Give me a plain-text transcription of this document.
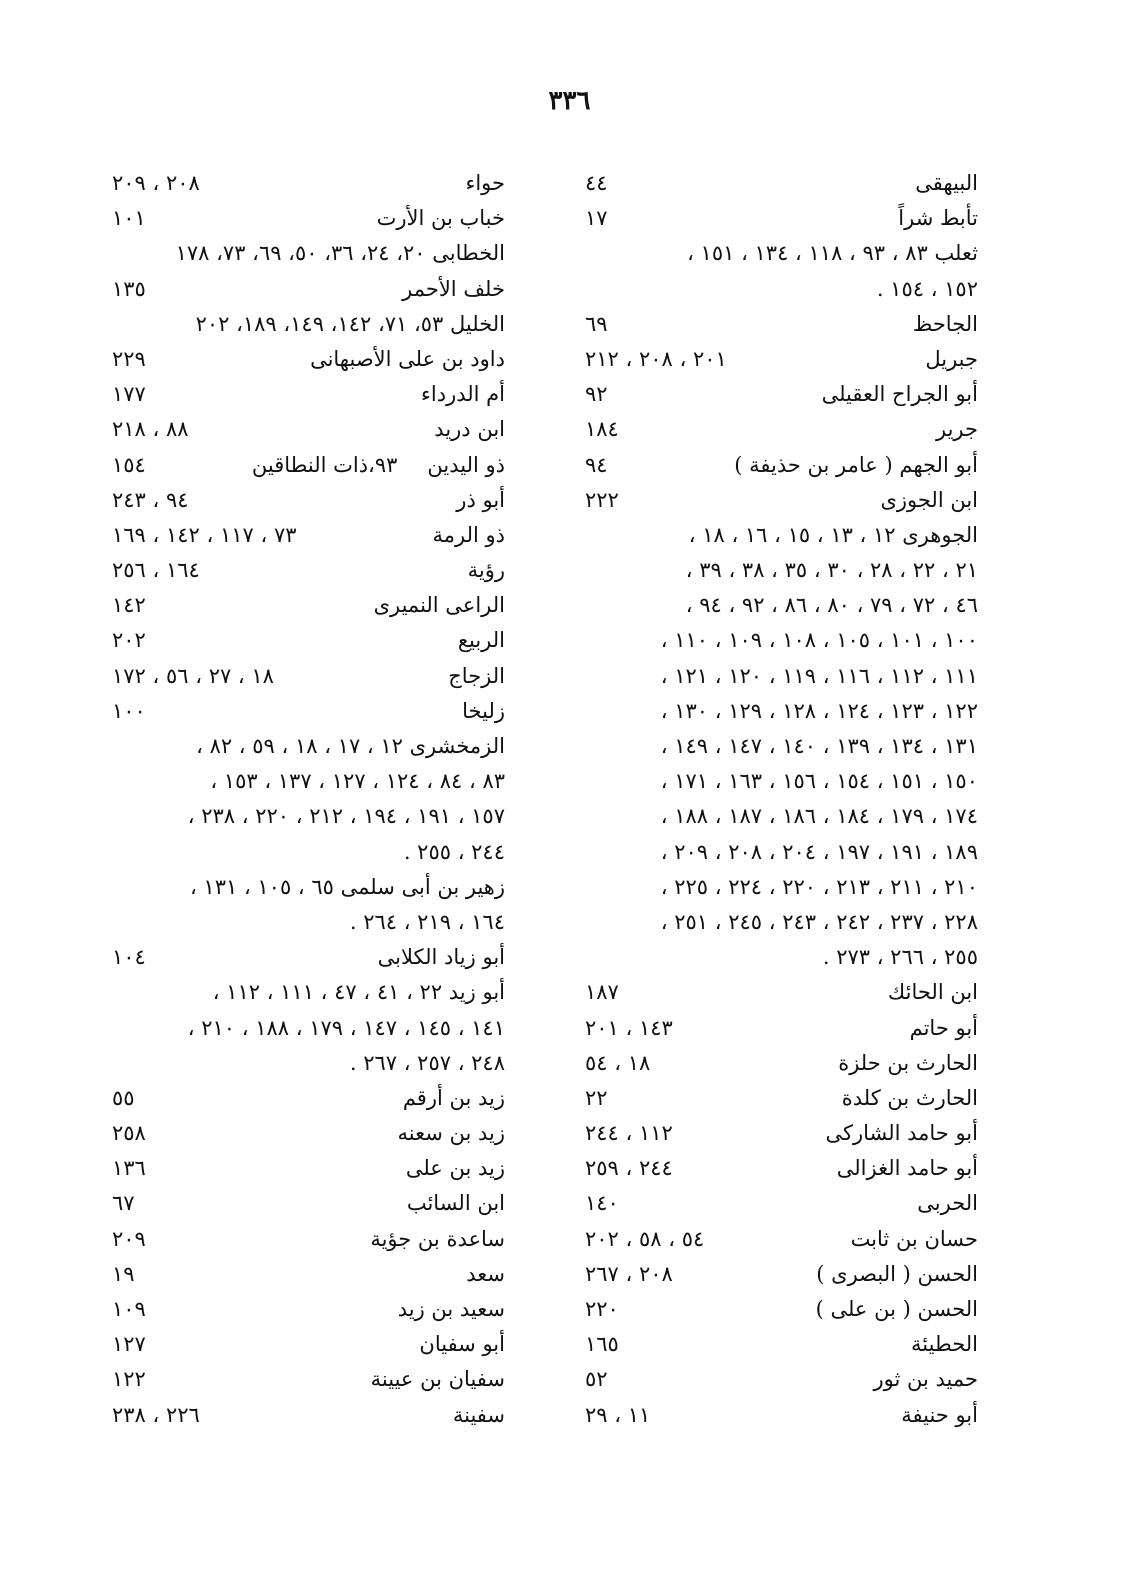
٣٣٦
البيهقى
٤٤
تأبط شراً
١٧
ثعلب ٨٣ ، ٩٣ ، ١١٨ ، ١٣٤ ، ١٥١ ،
١٥٢ ، ١٥٤ .
الجاحظ
٦٩
جبريل
٢٠١ ، ٢٠٨ ، ٢١٢
أبو الجراح العقيلى
٩٢
جرير
١٨٤
أبو الجهم ( عامر بن حذيفة )
٩٤
ابن الجوزى
٢٢٢
الجوهرى ١٢ ، ١٣ ، ١٥ ، ١٦ ، ١٨ ،
٢١ ، ٢٢ ، ٢٨ ، ٣٠ ، ٣٥ ، ٣٨ ، ٣٩ ،
٤٦ ، ٧٢ ، ٧٩ ، ٨٠ ، ٨٦ ، ٩٢ ، ٩٤ ،
١٠٠ ، ١٠١ ، ١٠٥ ، ١٠٨ ، ١٠٩ ، ١١٠ ،
١١١ ، ١١٢ ، ١١٦ ، ١١٩ ، ١٢٠ ، ١٢١ ،
١٢٢ ، ١٢٣ ، ١٢٤ ، ١٢٨ ، ١٢٩ ، ١٣٠ ،
١٣١ ، ١٣٤ ، ١٣٩ ، ١٤٠ ، ١٤٧ ، ١٤٩ ،
١٥٠ ، ١٥١ ، ١٥٤ ، ١٥٦ ، ١٦٣ ، ١٧١ ،
١٧٤ ، ١٧٩ ، ١٨٤ ، ١٨٦ ، ١٨٧ ، ١٨٨ ،
١٨٩ ، ١٩١ ، ١٩٧ ، ٢٠٤ ، ٢٠٨ ، ٢٠٩ ،
٢١٠ ، ٢١١ ، ٢١٣ ، ٢٢٠ ، ٢٢٤ ، ٢٢٥ ،
٢٢٨ ، ٢٣٧ ، ٢٤٢ ، ٢٤٣ ، ٢٤٥ ، ٢٥١ ،
٢٥٥ ، ٢٦٦ ، ٢٧٣ .
ابن الحائك
١٨٧
أبو حاتم
١٤٣ ، ٢٠١
الحارث بن حلزة
١٨ ، ٥٤
الحارث بن كلدة
٢٢
أبو حامد الشاركى
١١٢ ، ٢٤٤
أبو حامد الغزالى
٢٤٤ ، ٢٥٩
الحربى
١٤٠
حسان بن ثابت
٥٤ ، ٥٨ ، ٢٠٢
الحسن ( البصرى )
٢٠٨ ، ٢٦٧
الحسن ( بن على )
٢٢٠
الحطيئة
١٦٥
حميد بن ثور
٥٢
أبو حنيفة
١١ ، ٢٩
حواء
٢٠٨ ، ٢٠٩
خباب بن الأرت
١٠١
الخطابى ٢٠، ٢٤، ٣٦، ٥٠، ٦٩، ٧٣، ١٧٨
خلف الأحمر
١٣٥
الخليل ٥٣، ٧١، ١٤٢، ١٤٩، ١٨٩، ٢٠٢
داود بن على الأصبهانى
٢٢٩
أم الدرداء
١٧٧
ابن دريد
٨٨ ، ٢١٨
ذو اليدين
٩٣،ذات النطاقين
١٥٤
أبو ذر
٩٤ ، ٢٤٣
ذو الرمة
٧٣ ، ١١٧ ، ١٤٢ ، ١٦٩
رؤية
١٦٤ ، ٢٥٦
الراعى النميرى
١٤٢
الربيع
٢٠٢
الزجاج
١٨ ، ٢٧ ، ٥٦ ، ١٧٢
زليخا
١٠٠
الزمخشرى ١٢ ، ١٧ ، ١٨ ، ٥٩ ، ٨٢ ،
٨٣ ، ٨٤ ، ١٢٤ ، ١٢٧ ، ١٣٧ ، ١٥٣ ،
١٥٧ ، ١٩١ ، ١٩٤ ، ٢١٢ ، ٢٢٠ ، ٢٣٨ ،
٢٤٤ ، ٢٥٥ .
زهير بن أبى سلمى ٦٥ ، ١٠٥ ، ١٣١ ،
١٦٤ ، ٢١٩ ، ٢٦٤ .
أبو زياد الكلابى
١٠٤
أبو زيد ٢٢ ، ٤١ ، ٤٧ ، ١١١ ، ١١٢ ،
١٤١ ، ١٤٥ ، ١٤٧ ، ١٧٩ ، ١٨٨ ، ٢١٠ ،
٢٤٨ ، ٢٥٧ ، ٢٦٧ .
زيد بن أرقم
٥٥
زيد بن سعنه
٢٥٨
زيد بن على
١٣٦
ابن السائب
٦٧
ساعدة بن جؤية
٢٠٩
سعد
١٩
سعيد بن زيد
١٠٩
أبو سفيان
١٢٧
سفيان بن عيينة
١٢٢
سفينة
٢٢٦ ، ٢٣٨
